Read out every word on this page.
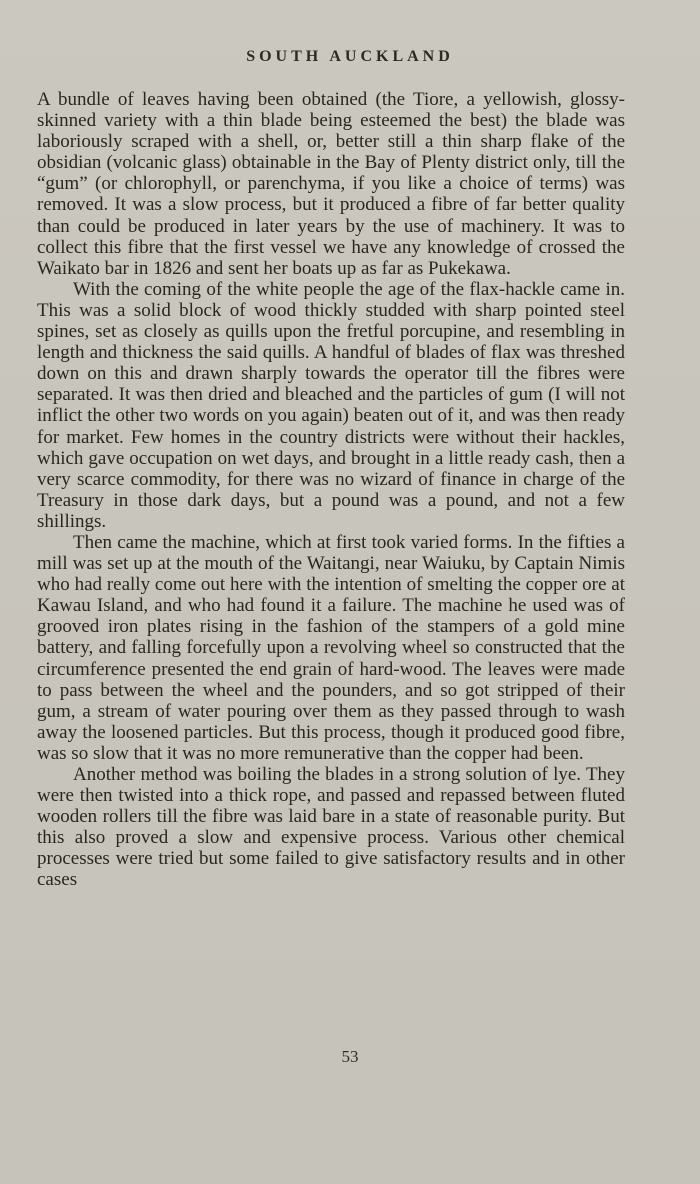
SOUTH AUCKLAND

A bundle of leaves having been obtained (the Tiore, a yellowish, glossy-skinned variety with a thin blade being esteemed the best) the blade was laboriously scraped with a shell, or, better still a thin sharp flake of the obsidian (volcanic glass) obtainable in the Bay of Plenty district only, till the “gum” (or chlorophyll, or parenchyma, if you like a choice of terms) was removed. It was a slow process, but it produced a fibre of far better quality than could be produced in later years by the use of machinery. It was to collect this fibre that the first vessel we have any knowledge of crossed the Waikato bar in 1826 and sent her boats up as far as Pukekawa.

With the coming of the white people the age of the flax-hackle came in. This was a solid block of wood thickly studded with sharp pointed steel spines, set as closely as quills upon the fretful porcupine, and resembling in length and thickness the said quills. A handful of blades of flax was threshed down on this and drawn sharply towards the operator till the fibres were separated. It was then dried and bleached and the particles of gum (I will not inflict the other two words on you again) beaten out of it, and was then ready for market. Few homes in the country districts were without their hackles, which gave occupation on wet days, and brought in a little ready cash, then a very scarce commodity, for there was no wizard of finance in charge of the Treasury in those dark days, but a pound was a pound, and not a few shillings.

Then came the machine, which at first took varied forms. In the fifties a mill was set up at the mouth of the Waitangi, near Waiuku, by Captain Nimis who had really come out here with the intention of smelting the copper ore at Kawau Island, and who had found it a failure. The machine he used was of grooved iron plates rising in the fashion of the stampers of a gold mine battery, and falling forcefully upon a revolving wheel so constructed that the circumference presented the end grain of hard-wood. The leaves were made to pass between the wheel and the pounders, and so got stripped of their gum, a stream of water pouring over them as they passed through to wash away the loosened particles. But this process, though it produced good fibre, was so slow that it was no more remunerative than the copper had been.

Another method was boiling the blades in a strong solution of lye. They were then twisted into a thick rope, and passed and repassed between fluted wooden rollers till the fibre was laid bare in a state of reasonable purity. But this also proved a slow and expensive process. Various other chemical processes were tried but some failed to give satisfactory results and in other cases

53
